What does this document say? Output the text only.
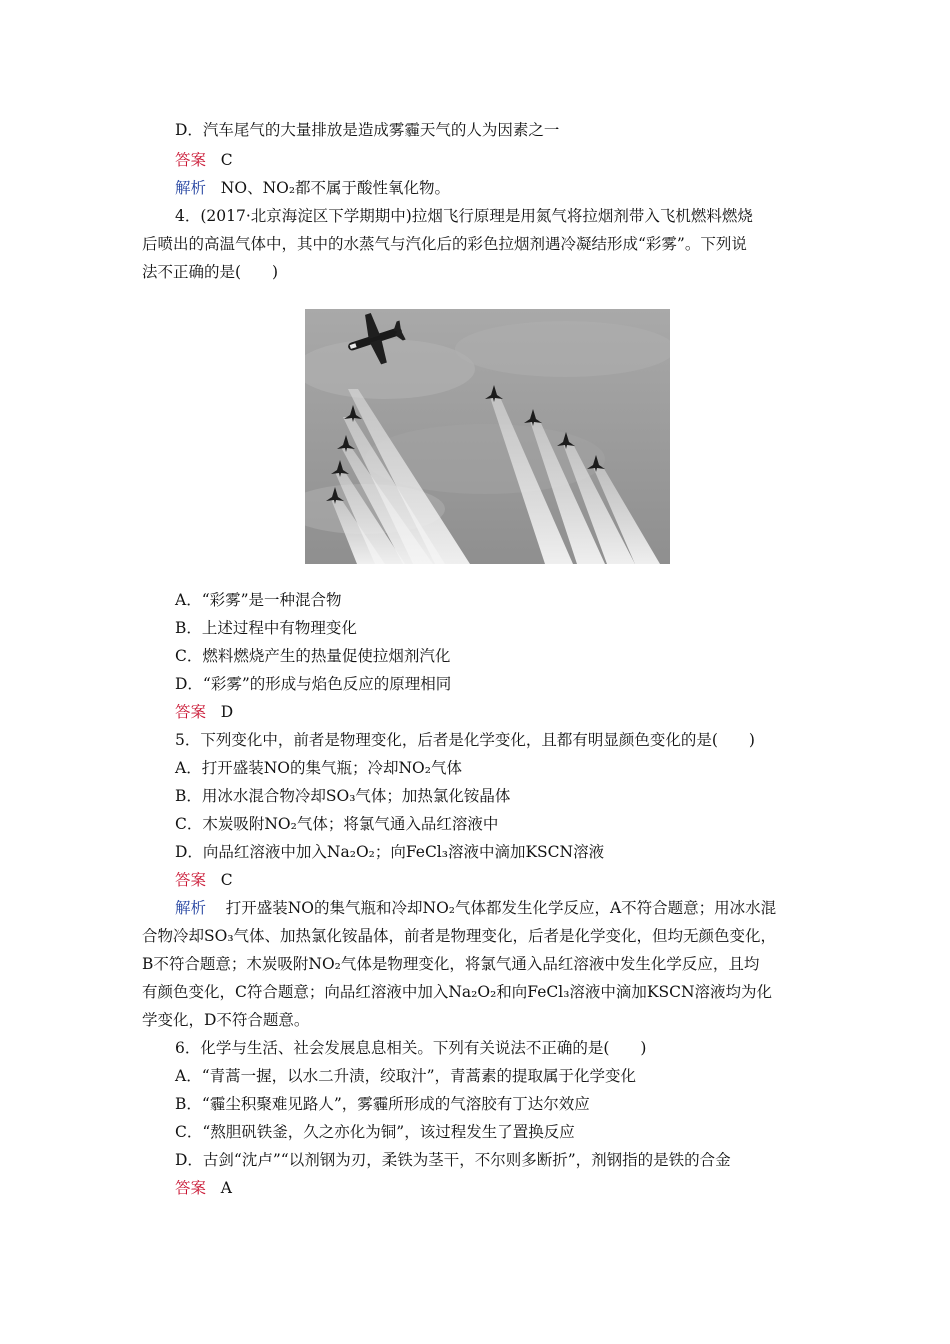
D．汽车尾气的大量排放是造成雾霾天气的人为因素之一
答案 C
解析 NO、NO₂都不属于酸性氧化物。
4．(2017·北京海淀区下学期期中)拉烟飞行原理是用氮气将拉烟剂带入飞机燃料燃烧
后喷出的高温气体中，其中的水蒸气与汽化后的彩色拉烟剂遇冷凝结形成“彩雾”。下列说
法不正确的是(　　)
A．“彩雾”是一种混合物
B．上述过程中有物理变化
C．燃料燃烧产生的热量促使拉烟剂汽化
D．“彩雾”的形成与焰色反应的原理相同
答案 D
5．下列变化中，前者是物理变化，后者是化学变化，且都有明显颜色变化的是(　　)
A．打开盛装NO的集气瓶；冷却NO₂气体
B．用冰水混合物冷却SO₃气体；加热氯化铵晶体
C．木炭吸附NO₂气体；将氯气通入品红溶液中
D．向品红溶液中加入Na₂O₂；向FeCl₃溶液中滴加KSCN溶液
答案 C
解析 打开盛装NO的集气瓶和冷却NO₂气体都发生化学反应，A不符合题意；用冰水混
合物冷却SO₃气体、加热氯化铵晶体，前者是物理变化，后者是化学变化，但均无颜色变化，
B不符合题意；木炭吸附NO₂气体是物理变化，将氯气通入品红溶液中发生化学反应，且均
有颜色变化，C符合题意；向品红溶液中加入Na₂O₂和向FeCl₃溶液中滴加KSCN溶液均为化
学变化，D不符合题意。
6．化学与生活、社会发展息息相关。下列有关说法不正确的是(　　)
A．“青蒿一握，以水二升渍，绞取汁”，青蒿素的提取属于化学变化
B．“霾尘积聚难见路人”，雾霾所形成的气溶胶有丁达尔效应
C．“熬胆矾铁釜，久之亦化为铜”，该过程发生了置换反应
D．古剑“沈卢”“以剂钢为刃，柔铁为茎干，不尔则多断折”，剂钢指的是铁的合金
答案 A
